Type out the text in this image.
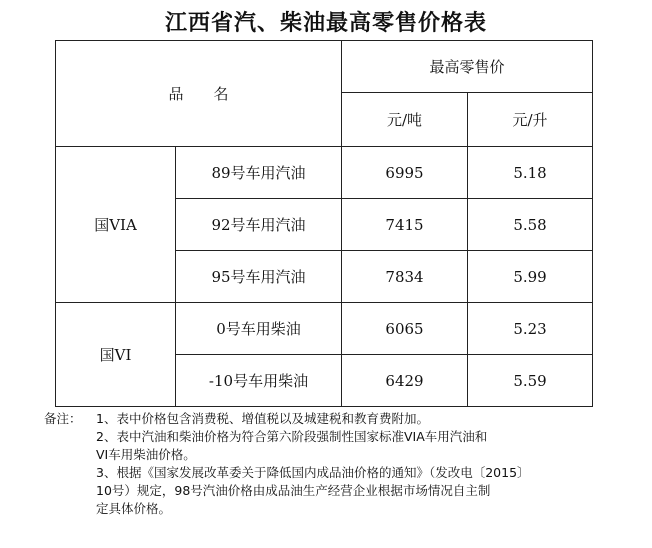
江西省汽、柴油最高零售价格表
品　　名		最高零售价	
		元/吨	元/升
国VIA	89号车用汽油	6995	5.18
	92号车用汽油	7415	5.58
	95号车用汽油	7834	5.99
国VI	0号车用柴油	6065	5.23
	-10号车用柴油	6429	5.59
备注：	1、表中价格包含消费税、增值税以及城建税和教育费附加。
2、表中汽油和柴油价格为符合第六阶段强制性国家标准VIA车用汽油和
VI车用柴油价格。
3、根据《国家发展改革委关于降低国内成品油价格的通知》（发改电〔2015〕
10号）规定，98号汽油价格由成品油生产经营企业根据市场情况自主制
定具体价格。
